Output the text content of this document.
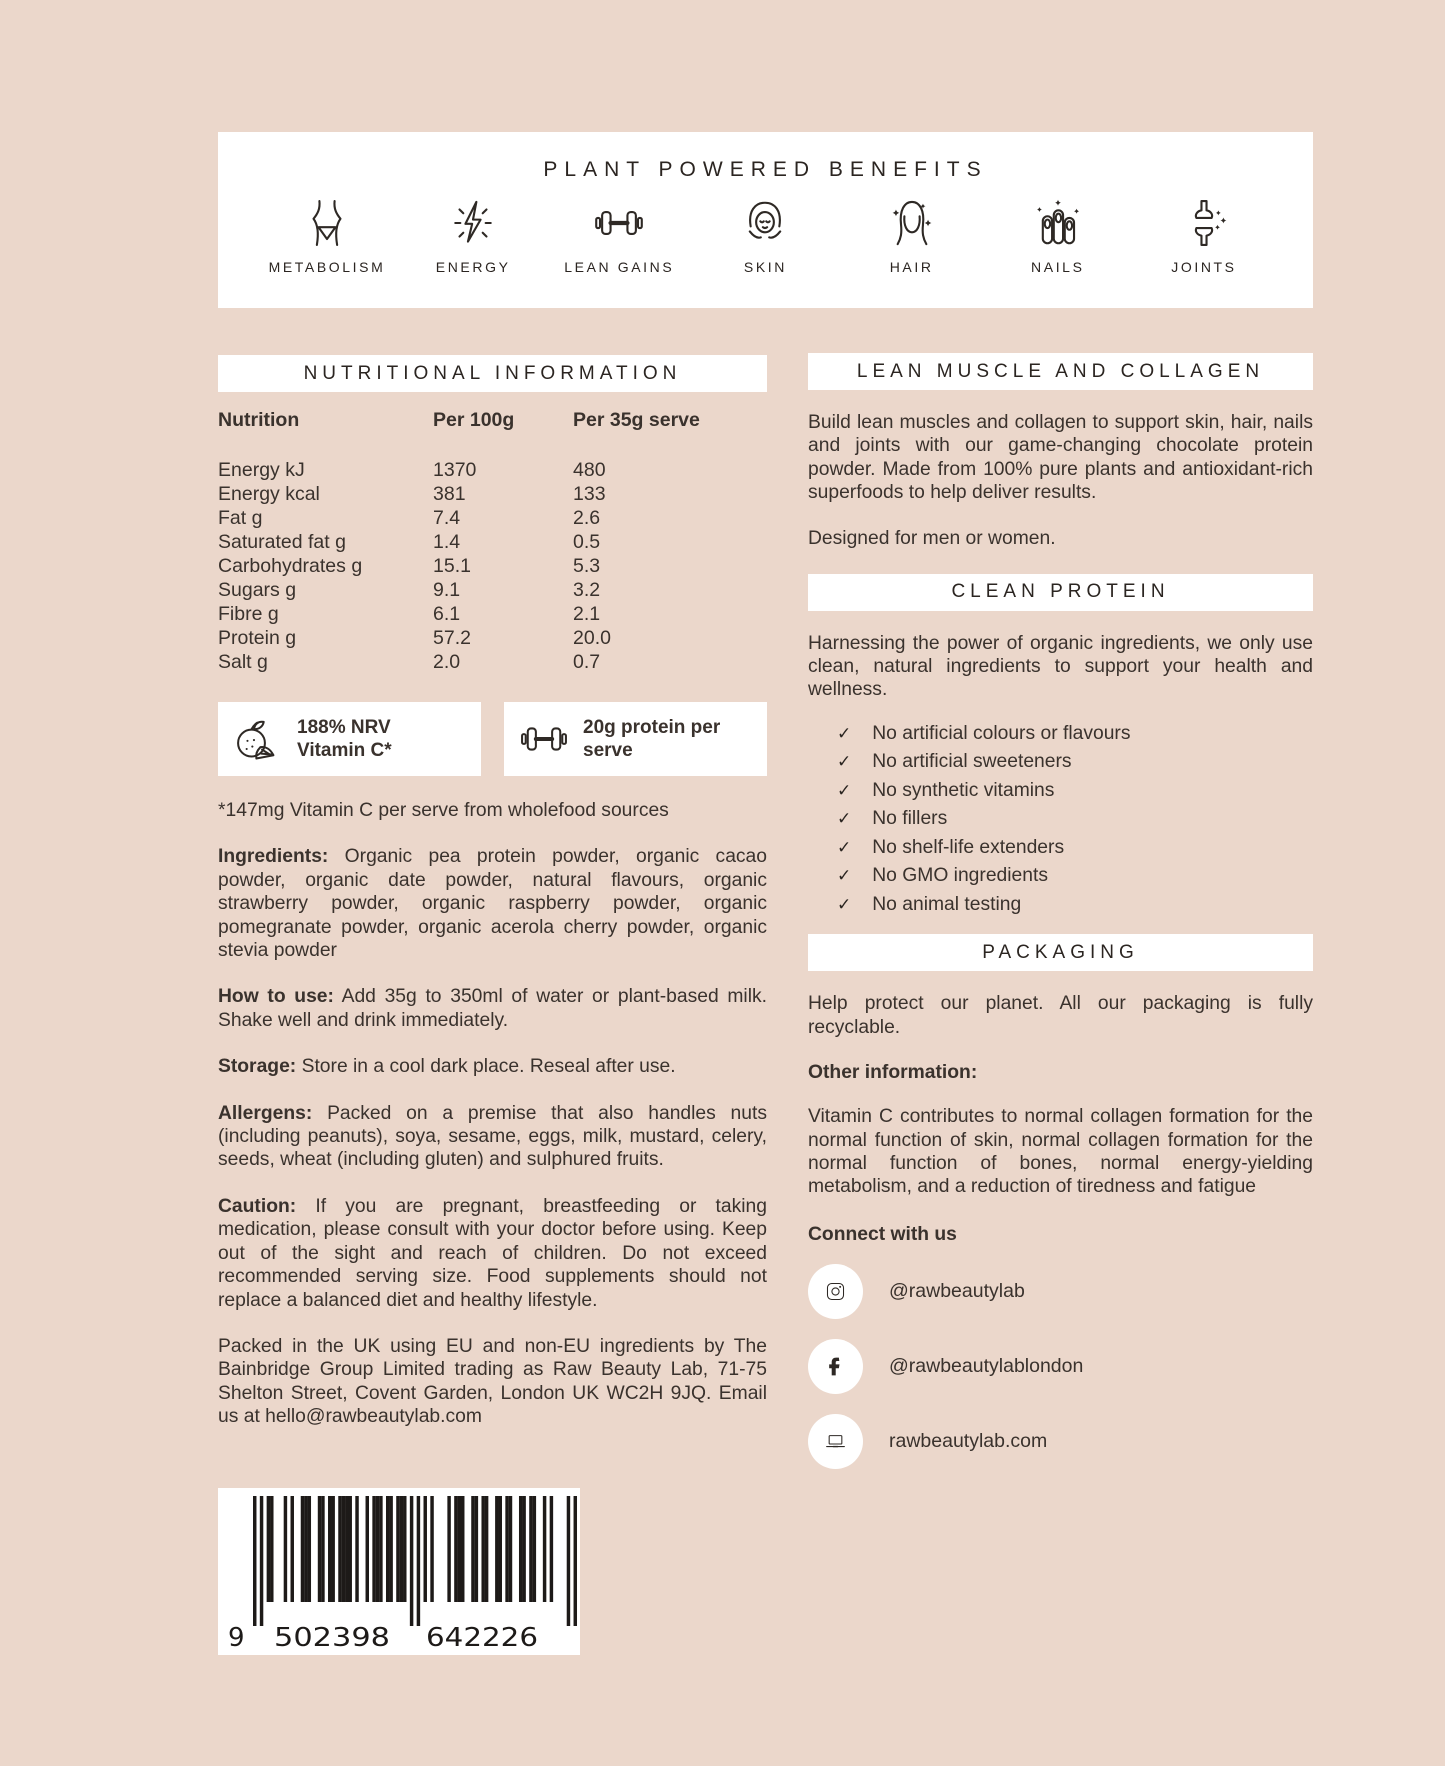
PLANT POWERED BENEFITS
METABOLISM	ENERGY	LEAN GAINS	SKIN	HAIR	NAILS	JOINTS
NUTRITIONAL INFORMATION
Nutrition	Per 100g	Per 35g serve
Energy kJ	1370	480
Energy kcal	381	133
Fat g	7.4	2.6
Saturated fat g	1.4	0.5
Carbohydrates g	15.1	5.3
Sugars g	9.1	3.2
Fibre g	6.1	2.1
Protein g	57.2	20.0
Salt g	2.0	0.7
188% NRV
Vitamin C*
20g protein per
serve

*147mg Vitamin C per serve from wholefood sources

Ingredients: Organic pea protein powder, organic cacao powder, organic date powder, natural flavours, organic strawberry powder, organic raspberry powder, organic pomegranate powder, organic acerola cherry powder, organic stevia powder

How to use: Add 35g to 350ml of water or plant-based milk. Shake well and drink immediately.

Storage: Store in a cool dark place. Reseal after use.

Allergens: Packed on a premise that also handles nuts (including peanuts), soya, sesame, eggs, milk, mustard, celery, seeds, wheat (including gluten) and sulphured fruits.

Caution: If you are pregnant, breastfeeding or taking medication, please consult with your doctor before using. Keep out of the sight and reach of children. Do not exceed recommended serving size. Food supplements should not replace a balanced diet and healthy lifestyle.

Packed in the UK using EU and non-EU ingredients by The Bainbridge Group Limited trading as Raw Beauty Lab, 71-75 Shelton Street, Covent Garden, London UK WC2H 9JQ. Email us at hello@rawbeautylab.com

LEAN MUSCLE AND COLLAGEN

Build lean muscles and collagen to support skin, hair, nails and joints with our game-changing chocolate protein powder. Made from 100% pure plants and antioxidant-rich superfoods to help deliver results.

Designed for men or women.

CLEAN PROTEIN

Harnessing the power of organic ingredients, we only use clean, natural ingredients to support your health and wellness.

✓ No artificial colours or flavours
✓ No artificial sweeteners
✓ No synthetic vitamins
✓ No fillers
✓ No shelf-life extenders
✓ No GMO ingredients
✓ No animal testing
PACKAGING

Help protect our planet. All our packaging is fully recyclable.

Other information:

Vitamin C contributes to normal collagen formation for the normal function of skin, normal collagen formation for the normal function of bones, normal energy-yielding metabolism, and a reduction of tiredness and fatigue

Connect with us

@rawbeautylab
@rawbeautylablondon
rawbeautylab.com
9 502398 642226
